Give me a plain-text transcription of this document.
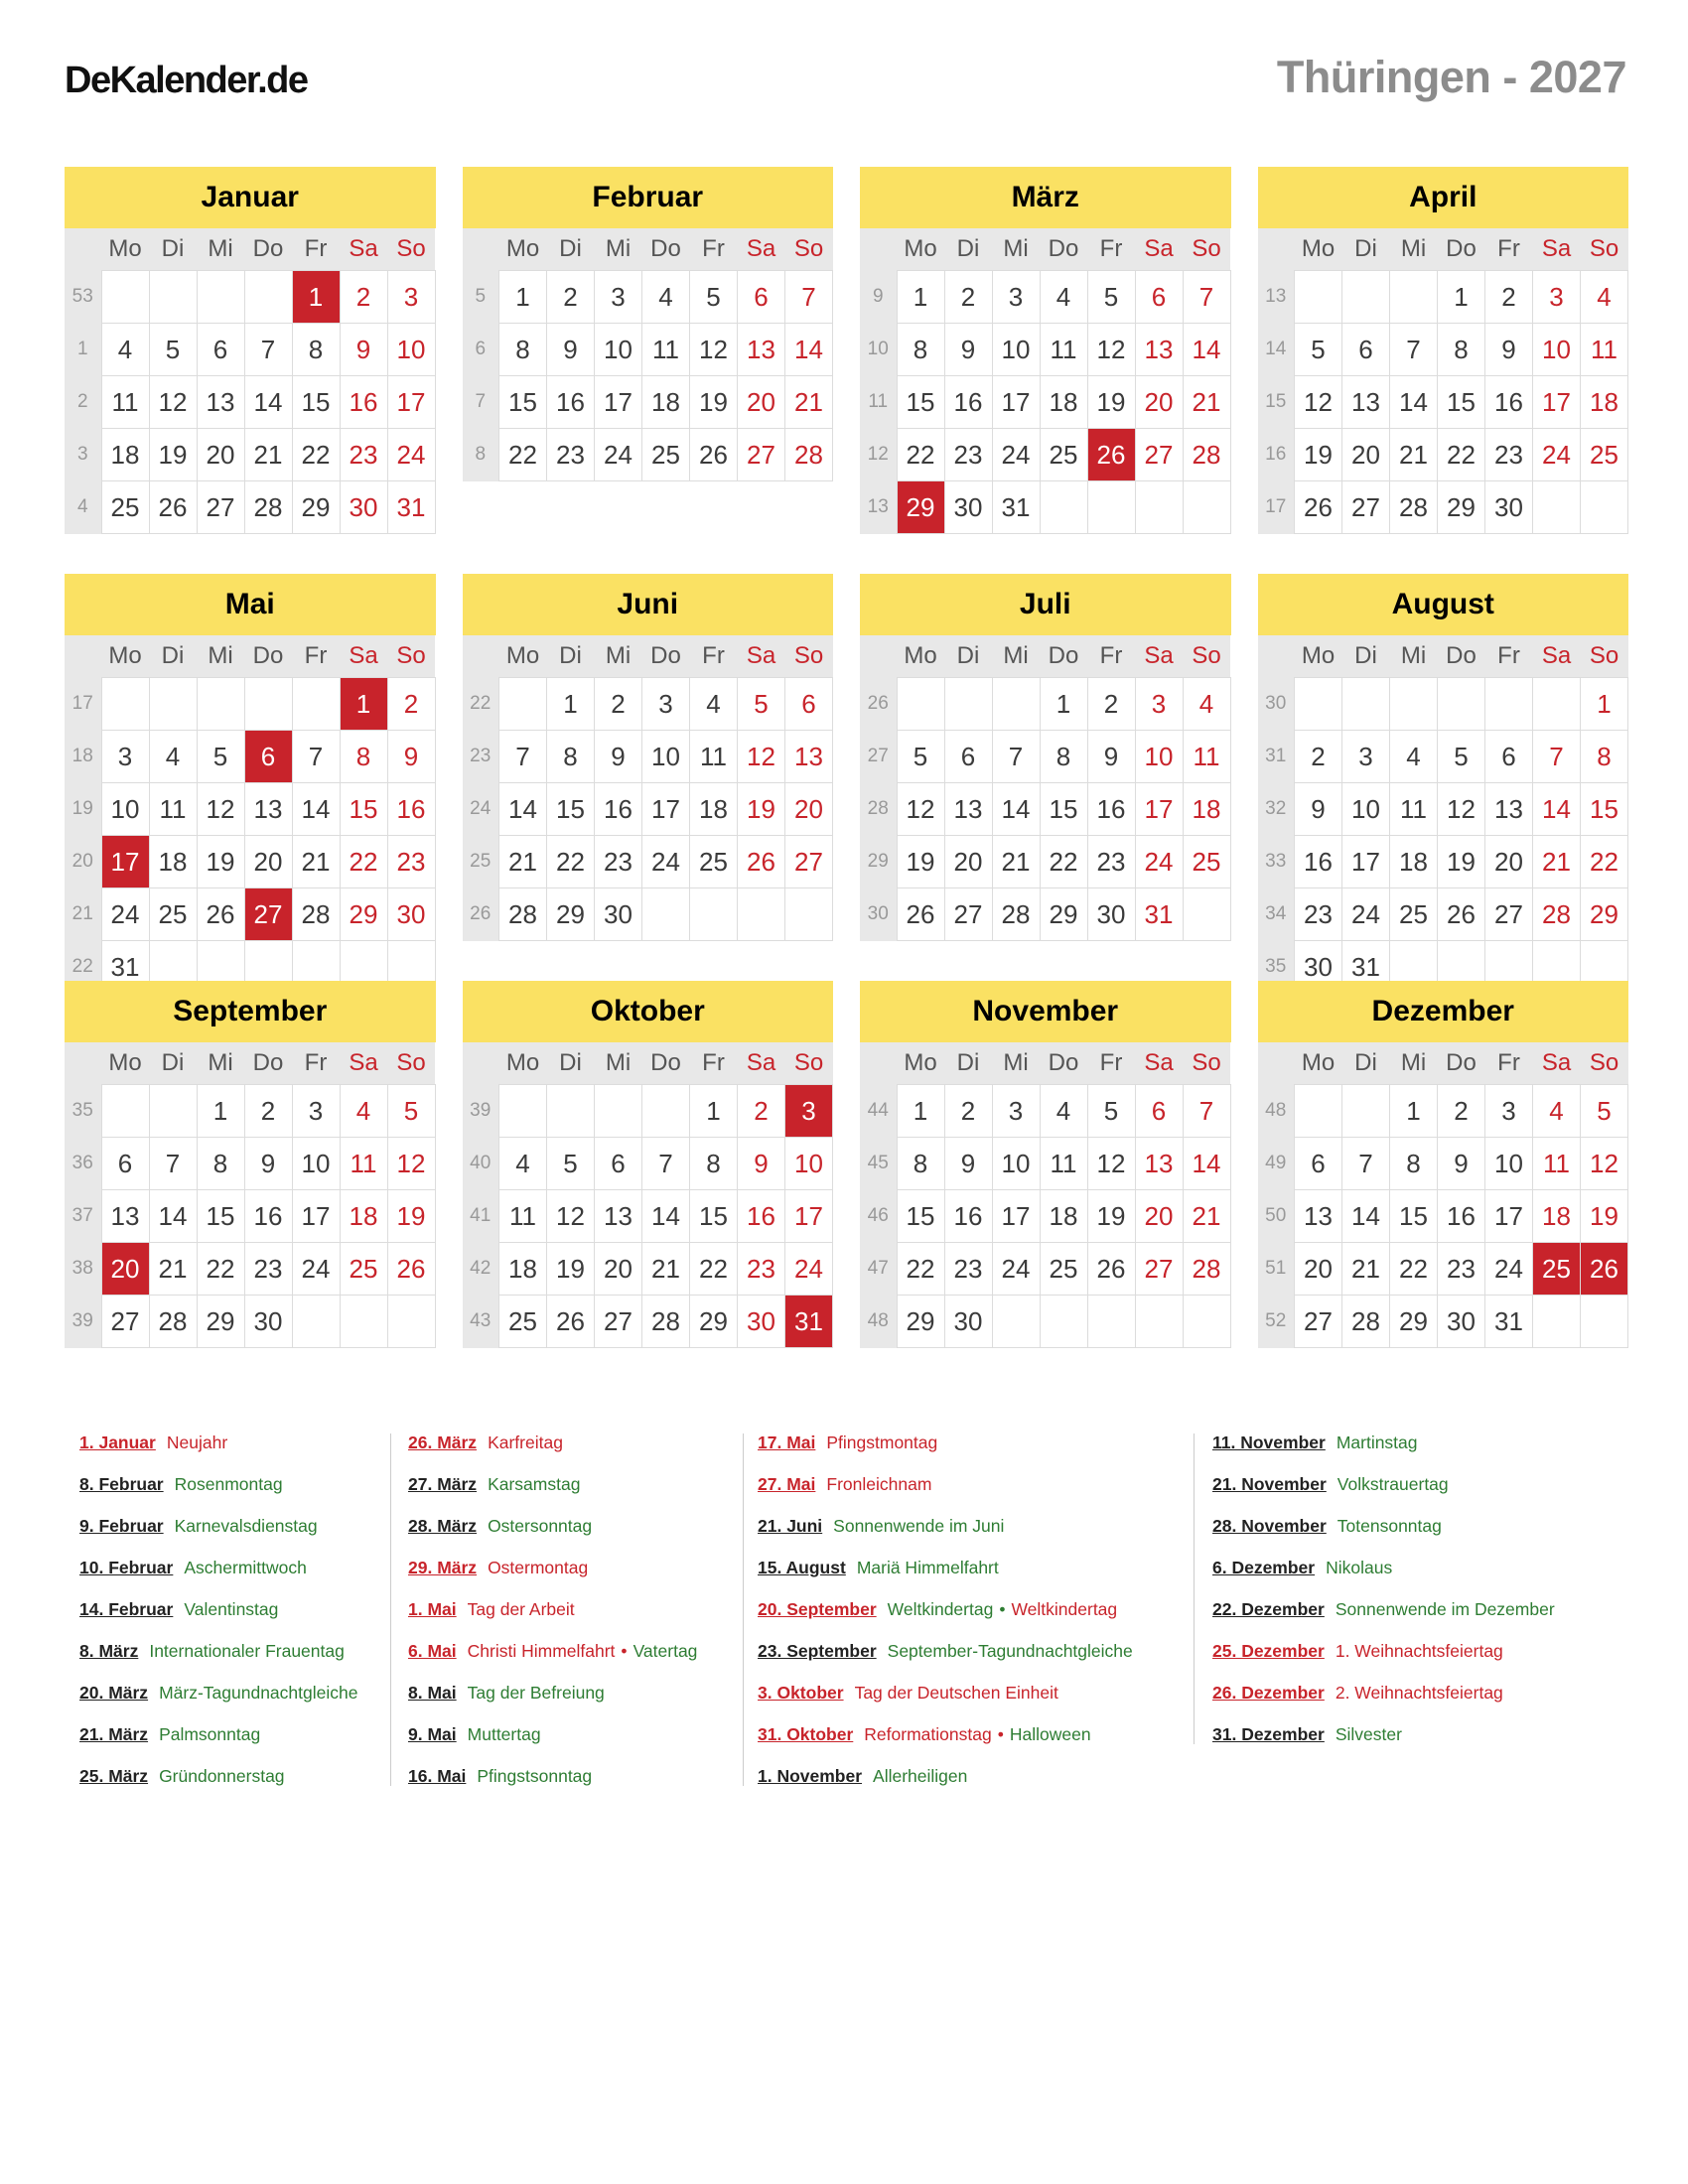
DeKalender.de	Thüringen - 2027
Januar
	Mo	Di	Mi	Do	Fr	Sa	So
53					1	2	3
1	4	5	6	7	8	9	10
2	11	12	13	14	15	16	17
3	18	19	20	21	22	23	24
4	25	26	27	28	29	30	31
Februar
	Mo	Di	Mi	Do	Fr	Sa	So
5	1	2	3	4	5	6	7
6	8	9	10	11	12	13	14
7	15	16	17	18	19	20	21
8	22	23	24	25	26	27	28
März
	Mo	Di	Mi	Do	Fr	Sa	So
9	1	2	3	4	5	6	7
10	8	9	10	11	12	13	14
11	15	16	17	18	19	20	21
12	22	23	24	25	26	27	28
13	29	30	31				
April
	Mo	Di	Mi	Do	Fr	Sa	So
13				1	2	3	4
14	5	6	7	8	9	10	11
15	12	13	14	15	16	17	18
16	19	20	21	22	23	24	25
17	26	27	28	29	30		
Mai
	Mo	Di	Mi	Do	Fr	Sa	So
17						1	2
18	3	4	5	6	7	8	9
19	10	11	12	13	14	15	16
20	17	18	19	20	21	22	23
21	24	25	26	27	28	29	30
22	31						
Juni
	Mo	Di	Mi	Do	Fr	Sa	So
22		1	2	3	4	5	6
23	7	8	9	10	11	12	13
24	14	15	16	17	18	19	20
25	21	22	23	24	25	26	27
26	28	29	30				
Juli
	Mo	Di	Mi	Do	Fr	Sa	So
26				1	2	3	4
27	5	6	7	8	9	10	11
28	12	13	14	15	16	17	18
29	19	20	21	22	23	24	25
30	26	27	28	29	30	31	
August
	Mo	Di	Mi	Do	Fr	Sa	So
30							1
31	2	3	4	5	6	7	8
32	9	10	11	12	13	14	15
33	16	17	18	19	20	21	22
34	23	24	25	26	27	28	29
35	30	31					
September
	Mo	Di	Mi	Do	Fr	Sa	So
35			1	2	3	4	5
36	6	7	8	9	10	11	12
37	13	14	15	16	17	18	19
38	20	21	22	23	24	25	26
39	27	28	29	30			
Oktober
	Mo	Di	Mi	Do	Fr	Sa	So
39					1	2	3
40	4	5	6	7	8	9	10
41	11	12	13	14	15	16	17
42	18	19	20	21	22	23	24
43	25	26	27	28	29	30	31
November
	Mo	Di	Mi	Do	Fr	Sa	So
44	1	2	3	4	5	6	7
45	8	9	10	11	12	13	14
46	15	16	17	18	19	20	21
47	22	23	24	25	26	27	28
48	29	30					
Dezember
	Mo	Di	Mi	Do	Fr	Sa	So
48			1	2	3	4	5
49	6	7	8	9	10	11	12
50	13	14	15	16	17	18	19
51	20	21	22	23	24	25	26
52	27	28	29	30	31		
1. Januar Neujahr
8. Februar Rosenmontag
9. Februar Karnevalsdienstag
10. Februar Aschermittwoch
14. Februar Valentinstag
8. März Internationaler Frauentag
20. März März-Tagundnachtgleiche
21. März Palmsonntag
25. März Gründonnerstag
26. März Karfreitag
27. März Karsamstag
28. März Ostersonntag
29. März Ostermontag
1. Mai Tag der Arbeit
6. Mai Christi Himmelfahrt • Vatertag
8. Mai Tag der Befreiung
9. Mai Muttertag
16. Mai Pfingstsonntag
17. Mai Pfingstmontag
27. Mai Fronleichnam
21. Juni Sonnenwende im Juni
15. August Mariä Himmelfahrt
20. September Weltkindertag • Weltkindertag
23. September September-Tagundnachtgleiche
3. Oktober Tag der Deutschen Einheit
31. Oktober Reformationstag • Halloween
1. November Allerheiligen
11. November Martinstag
21. November Volkstrauertag
28. November Totensonntag
6. Dezember Nikolaus
22. Dezember Sonnenwende im Dezember
25. Dezember 1. Weihnachtsfeiertag
26. Dezember 2. Weihnachtsfeiertag
31. Dezember Silvester
